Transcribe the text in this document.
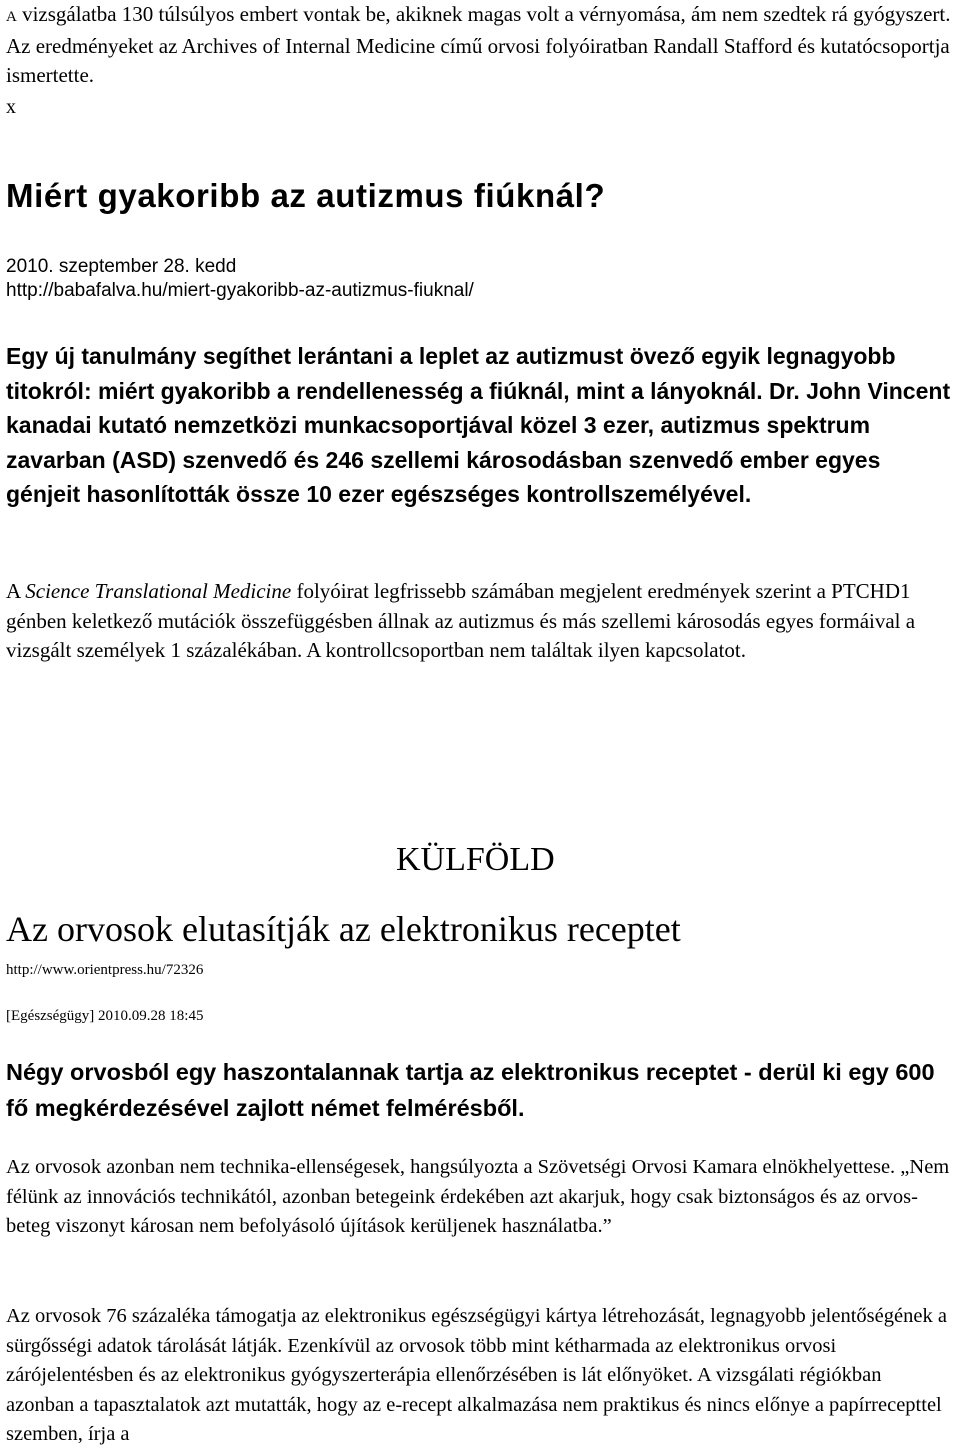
A vizsgálatba 130 túlsúlyos embert vontak be, akiknek magas volt a vérnyomása, ám nem szedtek rá gyógyszert. Az eredményeket az Archives of Internal Medicine című orvosi folyóiratban Randall Stafford és kutatócsoportja ismertette.

x
Miért gyakoribb az autizmus fiúknál?
2010. szeptember 28. kedd
http://babafalva.hu/miert-gyakoribb-az-autizmus-fiuknal/

Egy új tanulmány segíthet lerántani a leplet az autizmust övező egyik legnagyobb titokról: miért gyakoribb a rendellenesség a fiúknál, mint a lányoknál. Dr. John Vincent kanadai kutató nemzetközi munkacsoportjával közel 3 ezer, autizmus spektrum zavarban (ASD) szenvedő és 246 szellemi károsodásban szenvedő ember egyes génjeit hasonlították össze 10 ezer egészséges kontrollszemélyével.

A Science Translational Medicine folyóirat legfrissebb számában megjelent eredmények szerint a PTCHD1 génben keletkező mutációk összefüggésben állnak az autizmus és más szellemi károsodás egyes formáival a vizsgált személyek 1 százalékában. A kontrollcsoportban nem találtak ilyen kapcsolatot.

KÜLFÖLD
Az orvosok elutasítják az elektronikus receptet
http://www.orientpress.hu/72326
[Egészségügy] 2010.09.28 18:45

Négy orvosból egy haszontalannak tartja az elektronikus receptet - derül ki egy 600 fő megkérdezésével zajlott német felmérésből.

Az orvosok azonban nem technika-ellenségesek, hangsúlyozta a Szövetségi Orvosi Kamara elnökhelyettese. „Nem félünk az innovációs technikától, azonban betegeink érdekében azt akarjuk, hogy csak biztonságos és az orvos-beteg viszonyt károsan nem befolyásoló újítások kerüljenek használatba.”

Az orvosok 76 százaléka támogatja az elektronikus egészségügyi kártya létrehozását, legnagyobb jelentőségének a sürgősségi adatok tárolását látják. Ezenkívül az orvosok több mint kétharmada az elektronikus orvosi zárójelentésben és az elektronikus gyógyszerterápia ellenőrzésében is lát előnyöket. A vizsgálati régiókban azonban a tapasztalatok azt mutatták, hogy az e-recept alkalmazása nem praktikus és nincs előnye a papírrecepttel szemben, írja a
